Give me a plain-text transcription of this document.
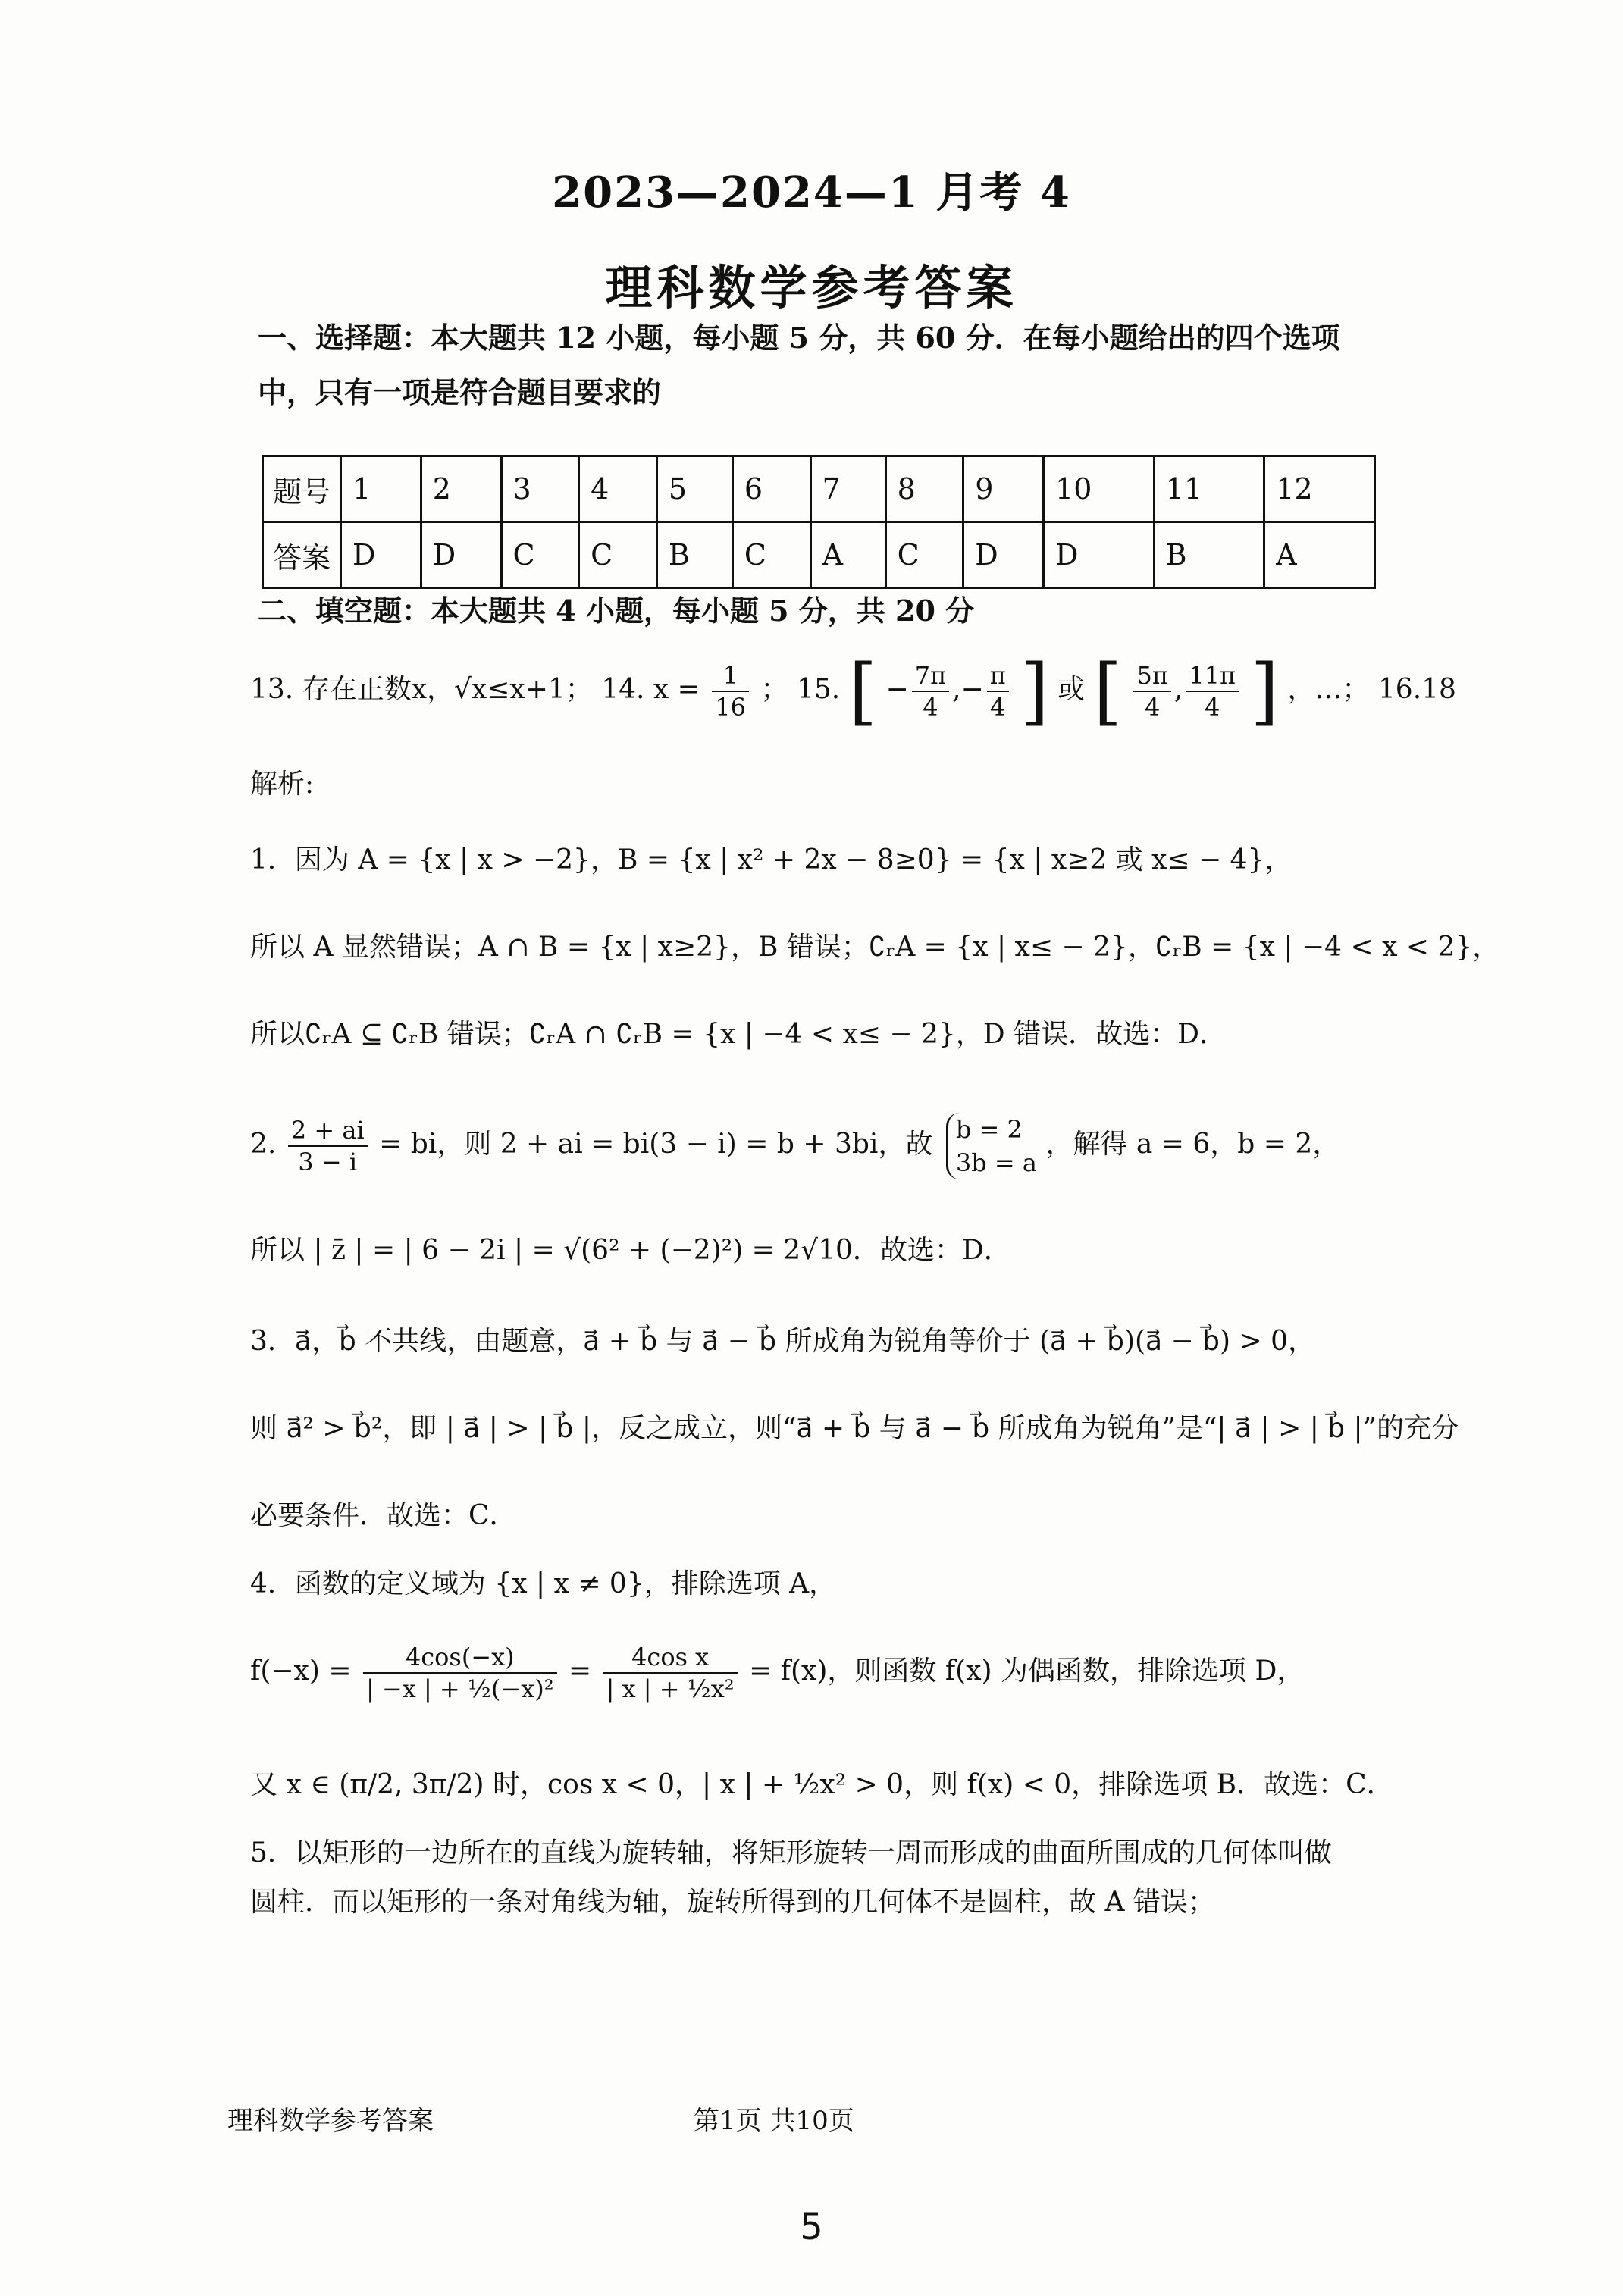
2023—2024—1 月考 4
理科数学参考答案
一、选择题：本大题共 12 小题，每小题 5 分，共 60 分．在每小题给出的四个选项
中，只有一项是符合题目要求的
题号	1	2	3	4	5	6	7	8	9	10	11	12
答案	D	D	C	C	B	C	A	C	D	D	B	A
二、填空题：本大题共 4 小题，每小题 5 分，共 20 分
13. 存在正数x，√x≤x+1； 14. $x = \frac{1}{16}$ ； 15. [ − $\frac{7\pi}{4}$ ,− $\frac{\pi}{4}$ ] 或 [ $\frac{5\pi}{4}$ , $\frac{11\pi}{4}$ ] ，…； 16.18
解析:
1．因为 A = {x | x > −2}，B = {x | x² + 2x − 8≥0} = {x | x≥2 或 x≤ − 4}，
所以 A 显然错误；A ∩ B = {x | x≥2}，B 错误；∁ᵣA = {x | x≤ − 2}，∁ᵣB = {x | −4 < x < 2}，
所以∁ᵣA ⊆ ∁ᵣB 错误；∁ᵣA ∩ ∁ᵣB = {x | −4 < x≤ − 2}，D 错误．故选：D．
2. $\frac{2 + ai}{3 - i}$ = bi，则 2 + ai = bi(3 − i) = b + 3bi，故 b = 2
3b = a
，解得 a = 6，b = 2，
所以 | z̄ | = | 6 − 2i | = √(6² + (−2)²) = 2√10．故选：D．
3．a⃗，b⃗ 不共线，由题意，a⃗ + b⃗ 与 a⃗ − b⃗ 所成角为锐角等价于 (a⃗ + b⃗)(a⃗ − b⃗) > 0，
则 a⃗² > b⃗²，即 | a⃗ | > | b⃗ |，反之成立，则“a⃗ + b⃗ 与 a⃗ − b⃗ 所成角为锐角”是“| a⃗ | > | b⃗ |”的充分
必要条件．故选：C．
4．函数的定义域为 {x | x ≠ 0}，排除选项 A，
$f(-x) = \frac{4\cos(-x)}{\text{| −x | + ½(−x)²}} = \frac{\text{4cos x}}{\text{| x | + ½x²}} = f(x)$，则函数 f(x) 为偶函数，排除选项 D，
又 x ∈ (π/2, 3π/2) 时，cos x < 0，| x | + ½x² > 0，则 f(x) < 0，排除选项 B．故选：C．
5．以矩形的一边所在的直线为旋转轴，将矩形旋转一周而形成的曲面所围成的几何体叫做
圆柱．而以矩形的一条对角线为轴，旋转所得到的几何体不是圆柱，故 A 错误；
理科数学参考答案	第1页 共10页
5
